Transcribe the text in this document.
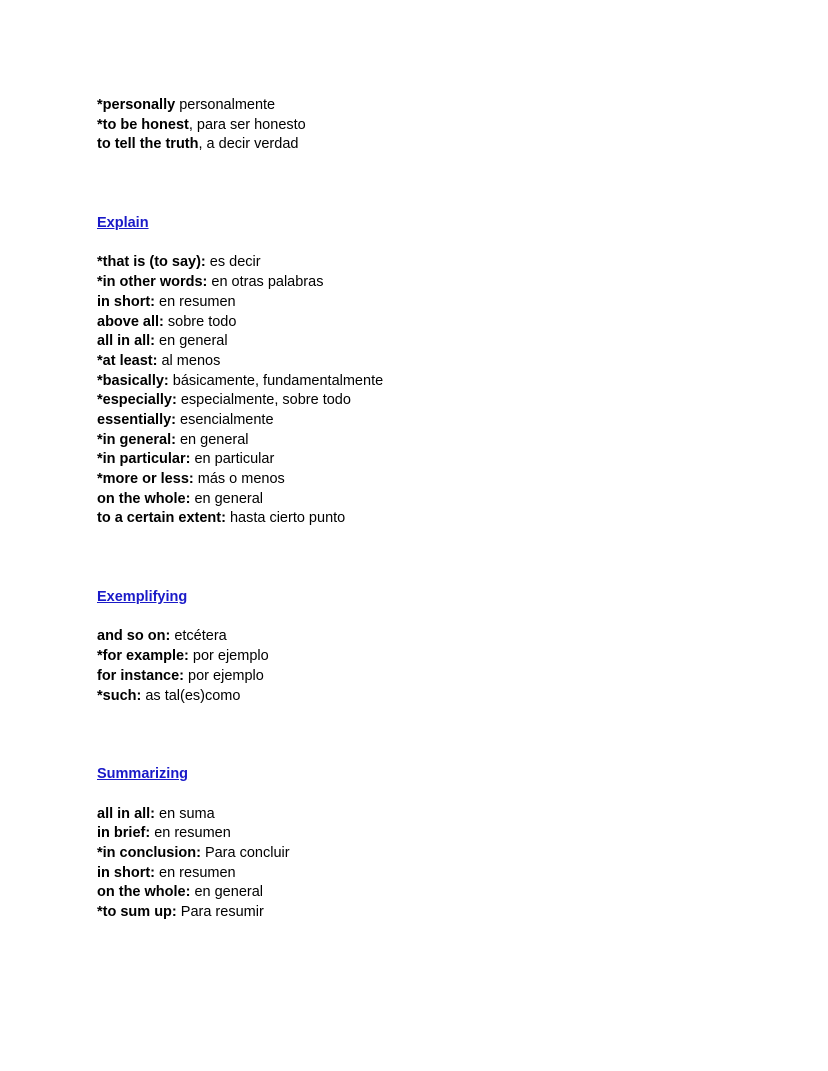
*personally personalmente
*to be honest, para ser honesto
to tell the truth, a decir verdad
Explain
*that is (to say): es decir
*in other words: en otras palabras
in short: en resumen
above all: sobre todo
all in all: en general
*at least: al menos
*basically: básicamente, fundamentalmente
*especially: especialmente, sobre todo
essentially: esencialmente
*in general: en general
*in particular: en particular
*more or less: más o menos
on the whole: en general
to a certain extent: hasta cierto punto
Exemplifying
and so on: etcétera
*for example: por ejemplo
for instance: por ejemplo
*such: as tal(es)como
Summarizing
all in all: en suma
in brief: en resumen
*in conclusion: Para concluir
in short: en resumen
on the whole: en general
*to sum up: Para resumir
